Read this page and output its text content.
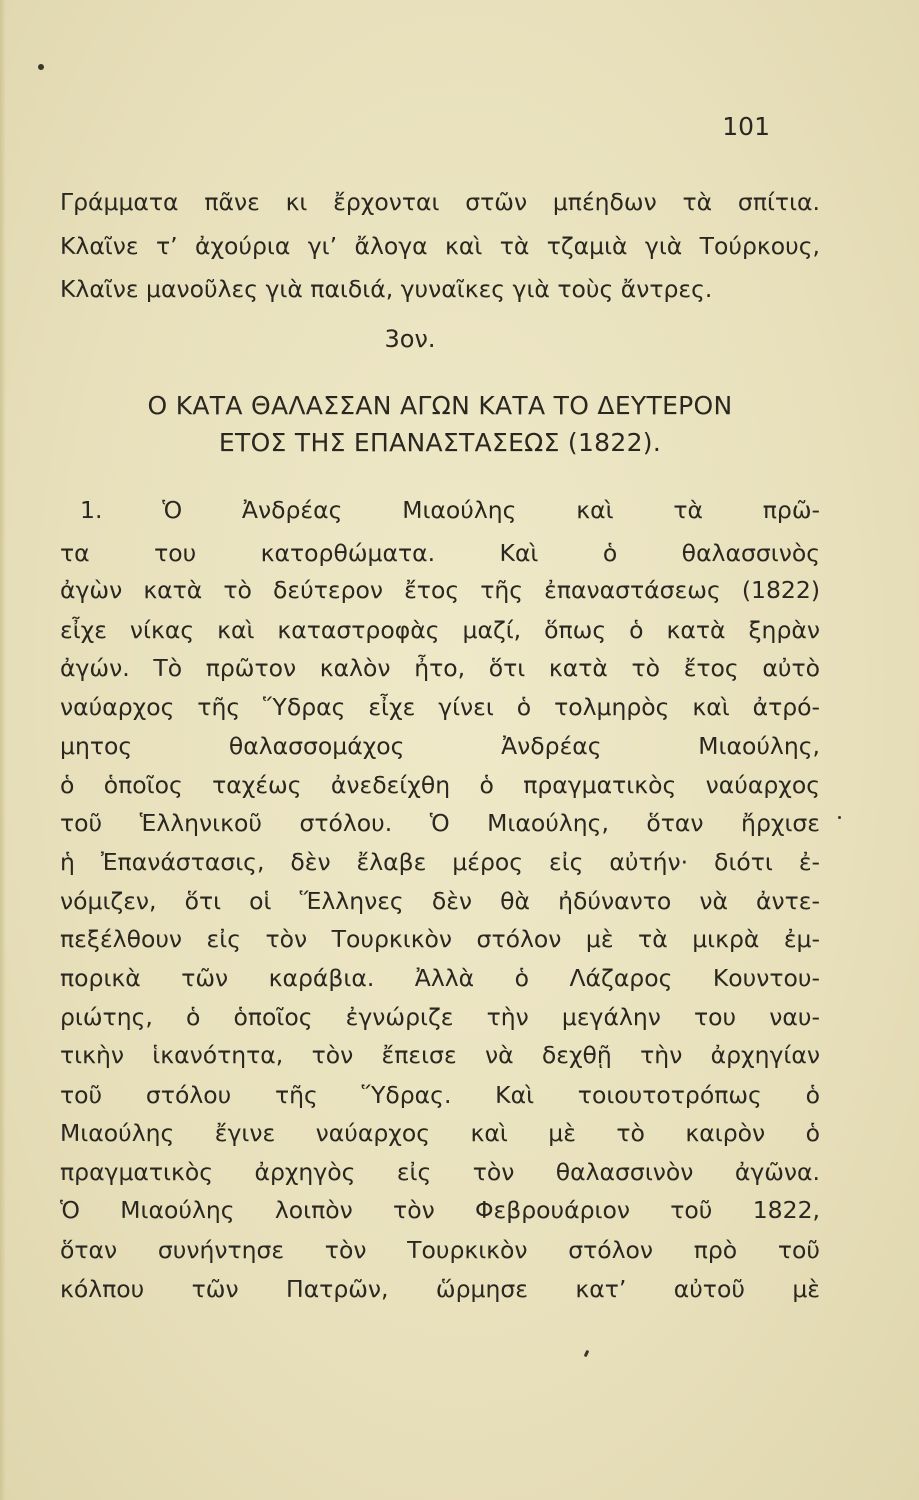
101
Γράμματα πᾶνε κι ἔρχονται στῶν μπέηδων τὰ σπίτια.
Κλαῖνε τ’ ἀχούρια γι’ ἄλογα καὶ τὰ τζαμιὰ γιὰ Τούρκους,
Κλαῖνε μανοῦλες γιὰ παιδιά, γυναῖκες γιὰ τοὺς ἄντρες.
3ον.
Ο ΚΑΤΑ ΘΑΛΑΣΣΑΝ ΑΓΩΝ ΚΑΤΑ ΤΟ ΔΕΥΤΕΡΟΝ
ΕΤΟΣ ΤΗΣ ΕΠΑΝΑΣΤΑΣΕΩΣ (1822).
1. Ὁ Ἀνδρέας Μιαούλης καὶ τὰ πρῶ-
τα του κατορθώματα. Καὶ ὁ θαλασσινὸς
ἀγὼν κατὰ τὸ δεύτερον ἔτος τῆς ἐπαναστάσεως (1822)
εἶχε νίκας καὶ καταστροφὰς μαζί, ὅπως ὁ κατὰ ξηρὰν
ἀγών. Τὸ πρῶτον καλὸν ἦτο, ὅτι κατὰ τὸ ἔτος αὐτὸ
ναύαρχος τῆς Ὕδρας εἶχε γίνει ὁ τολμηρὸς καὶ ἀτρό-
μητος θαλασσομάχος Ἀνδρέας Μιαούλης,
ὁ ὁποῖος ταχέως ἀνεδείχθη ὁ πραγματικὸς ναύαρχος
τοῦ Ἑλληνικοῦ στόλου. Ὁ Μιαούλης, ὅταν ἤρχισε
ἡ Ἐπανάστασις, δὲν ἔλαβε μέρος εἰς αὐτήν· διότι ἐ-
νόμιζεν, ὅτι οἱ Ἕλληνες δὲν θὰ ἠδύναντο νὰ ἀντε-
πεξέλθουν εἰς τὸν Τουρκικὸν στόλον μὲ τὰ μικρὰ ἐμ-
πορικὰ τῶν καράβια. Ἀλλὰ ὁ Λάζαρος Κουντου-
ριώτης, ὁ ὁποῖος ἐγνώριζε τὴν μεγάλην του ναυ-
τικὴν ἱκανότητα, τὸν ἔπεισε νὰ δεχθῇ τὴν ἀρχηγίαν
τοῦ στόλου τῆς Ὕδρας. Καὶ τοιουτοτρόπως ὁ
Μιαούλης ἔγινε ναύαρχος καὶ μὲ τὸ καιρὸν ὁ
πραγματικὸς ἀρχηγὸς εἰς τὸν θαλασσινὸν ἀγῶνα.
Ὁ Μιαούλης λοιπὸν τὸν Φεβρουάριον τοῦ 1822,
ὅταν συνήντησε τὸν Τουρκικὸν στόλον πρὸ τοῦ
κόλπου τῶν Πατρῶν, ὥρμησε κατ’ αὐτοῦ μὲ
